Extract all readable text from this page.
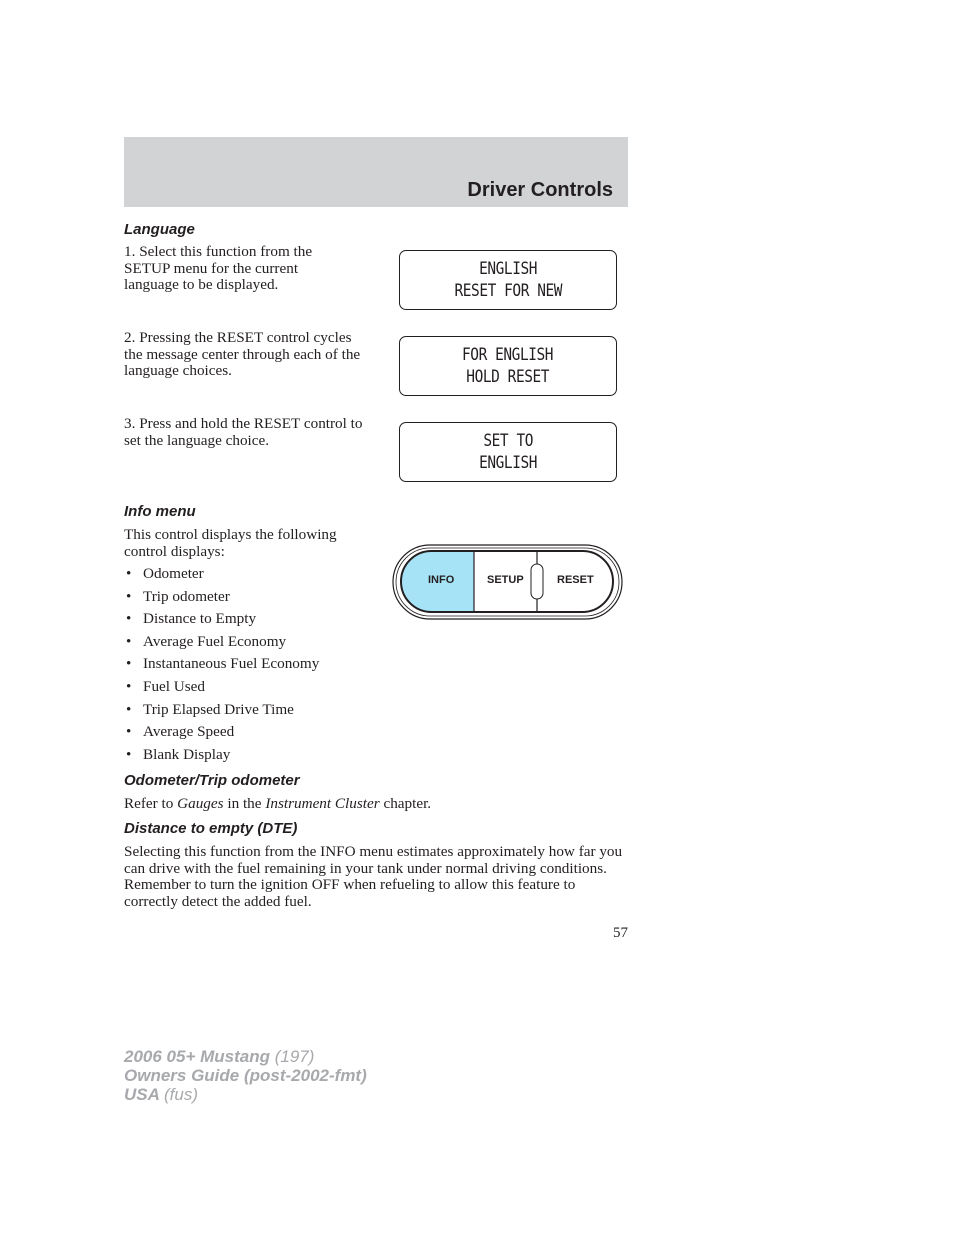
Driver Controls
Language

1. Select this function from the SETUP menu for the current language to be displayed.

2. Pressing the RESET control cycles the message center through each of the language choices.

3. Press and hold the RESET control to set the language choice.

ENGLISH
RESET FOR NEW
FOR ENGLISH
HOLD RESET
SET TO
ENGLISH
Info menu

This control displays the following control displays:

• Odometer
• Trip odometer
• Distance to Empty
• Average Fuel Economy
• Instantaneous Fuel Economy
• Fuel Used
• Trip Elapsed Drive Time
• Average Speed
• Blank Display
INFO	SETUP	RESET
Odometer/Trip odometer

Refer to Gauges in the Instrument Cluster chapter.

Distance to empty (DTE)

Selecting this function from the INFO menu estimates approximately how far you can drive with the fuel remaining in your tank under normal driving conditions. Remember to turn the ignition OFF when refueling to allow this feature to correctly detect the added fuel.

57
2006 05+ Mustang (197)
Owners Guide (post-2002-fmt)
USA (fus)
